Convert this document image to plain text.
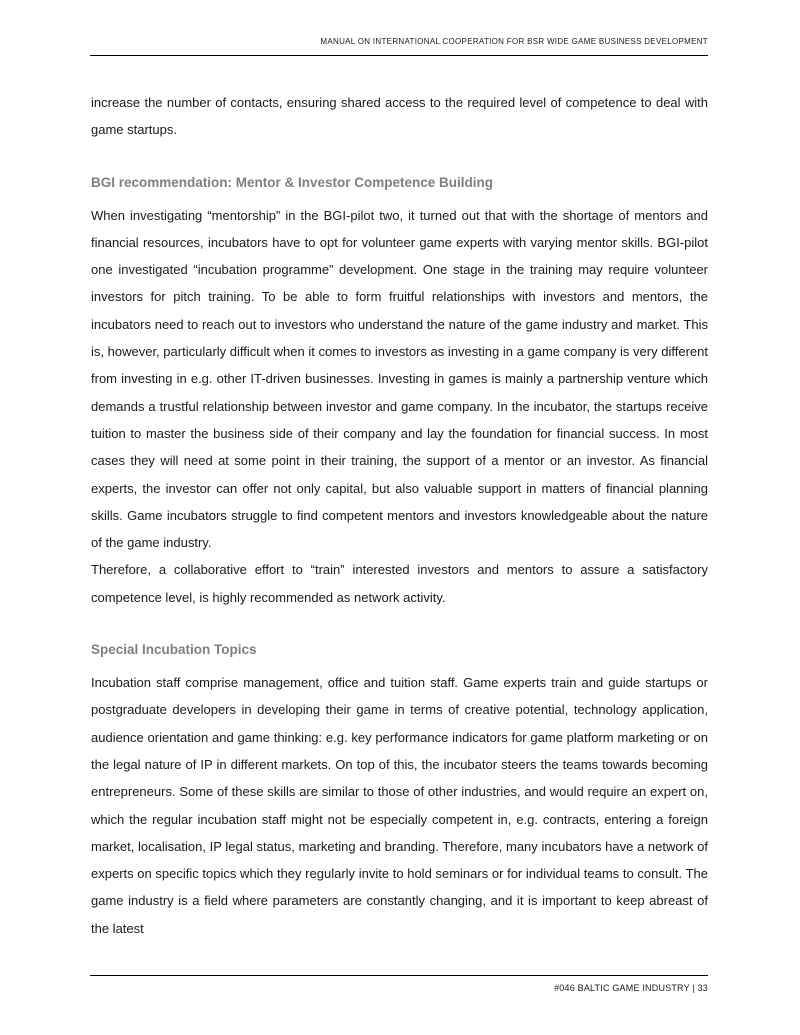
MANUAL ON INTERNATIONAL COOPERATION FOR BSR WIDE GAME BUSINESS DEVELOPMENT

increase the number of contacts, ensuring shared access to the required level of competence to deal with game startups.

BGI recommendation: Mentor & Investor Competence Building

When investigating “mentorship” in the BGI-pilot two, it turned out that with the shortage of mentors and financial resources, incubators have to opt for volunteer game experts with varying mentor skills. BGI-pilot one investigated “incubation programme” development. One stage in the training may require volunteer investors for pitch training. To be able to form fruitful relationships with investors and mentors, the incubators need to reach out to investors who understand the nature of the game industry and market. This is, however, particularly difficult when it comes to investors as investing in a game company is very different from investing in e.g. other IT-driven businesses. Investing in games is mainly a partnership venture which demands a trustful relationship between investor and game company. In the incubator, the startups receive tuition to master the business side of their company and lay the foundation for financial success. In most cases they will need at some point in their training, the support of a mentor or an investor. As financial experts, the investor can offer not only capital, but also valuable support in matters of financial planning skills. Game incubators struggle to find competent mentors and investors knowledgeable about the nature of the game industry.

Therefore, a collaborative effort to “train” interested investors and mentors to assure a satisfactory competence level, is highly recommended as network activity.

Special Incubation Topics

Incubation staff comprise management, office and tuition staff. Game experts train and guide startups or postgraduate developers in developing their game in terms of creative potential, technology application, audience orientation and game thinking: e.g. key performance indicators for game platform marketing or on the legal nature of IP in different markets. On top of this, the incubator steers the teams towards becoming entrepreneurs. Some of these skills are similar to those of other industries, and would require an expert on, which the regular incubation staff might not be especially competent in, e.g. contracts, entering a foreign market, localisation, IP legal status, marketing and branding. Therefore, many incubators have a network of experts on specific topics which they regularly invite to hold seminars or for individual teams to consult. The game industry is a field where parameters are constantly changing, and it is important to keep abreast of the latest

#046 BALTIC GAME INDUSTRY | 33
